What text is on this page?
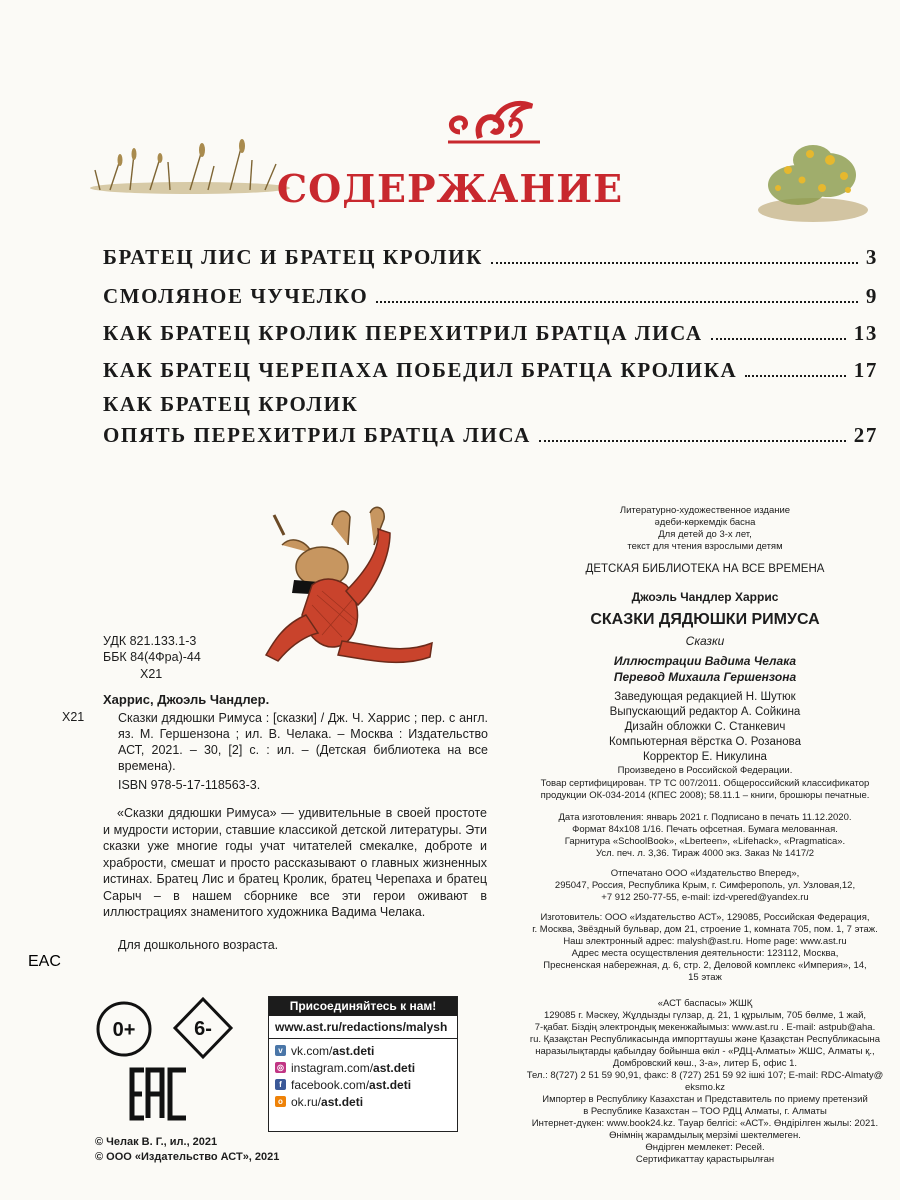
СОДЕРЖАНИЕ
БРАТЕЦ ЛИС И БРАТЕЦ КРОЛИК	3
СМОЛЯНОЕ ЧУЧЕЛКО	9
КАК БРАТЕЦ КРОЛИК ПЕРЕХИТРИЛ БРАТЦА ЛИСА	13
КАК БРАТЕЦ ЧЕРЕПАХА ПОБЕДИЛ БРАТЦА КРОЛИКА	17
КАК БРАТЕЦ КРОЛИК
ОПЯТЬ ПЕРЕХИТРИЛ БРАТЦА ЛИСА	27
УДК 821.133.1-3
ББК 84(4Фра)-44
Х21
Харрис, Джоэль Чандлер.
Х21	Сказки дядюшки Римуса : [сказки] / Дж. Ч. Харрис ; пер. с англ. яз. М. Гершензона ; ил. В. Челака. – Москва : Издательство АСТ, 2021. – 30, [2] с. : ил. – (Детская библиотека на все времена).
ISBN 978-5-17-118563-3.
«Сказки дядюшки Римуса» — удивительные в своей простоте и мудрости истории, ставшие классикой детской литературы. Эти сказки уже многие годы учат читателей смекалке, доброте и храбрости, смешат и просто рассказывают о главных жизненных истинах. Братец Лис и братец Кролик, братец Черепаха и братец Сарыч – в нашем сборнике все эти герои оживают в иллюстрациях знаменитого художника Вадима Челака.
Для дошкольного возраста.
0+	6-
EAC
Присоединяйтесь к нам!
www.ast.ru/redactions/malysh
v vk.com/ ast.deti
◎ instagram.com/ ast.deti
f facebook.com/ ast.deti
o ok.ru/ ast.deti
© Челак В. Г., ил., 2021
© ООО «Издательство АСТ», 2021
Литературно-художественное издание
әдеби-көркемдік басна
Для детей до 3-х лет,
текст для чтения взрослыми детям
ДЕТСКАЯ БИБЛИОТЕКА НА ВСЕ ВРЕМЕНА
Джоэль Чандлер Харрис
СКАЗКИ ДЯДЮШКИ РИМУСА
Сказки
Иллюстрации Вадима Челака
Перевод Михаила Гершензона
Заведующая редакцией Н. Шутюк
Выпускающий редактор А. Сойкина
Дизайн обложки С. Станкевич
Компьютерная вёрстка О. Розанова
Корректор Е. Никулина
Произведено в Российской Федерации.
Товар сертифицирован. ТР ТС 007/2011. Общероссийский классификатор
продукции ОК-034-2014 (КПЕС 2008); 58.11.1 – книги, брошюры печатные.
Дата изготовления: январь 2021 г. Подписано в печать 11.12.2020.
Формат 84x108 1/16. Печать офсетная. Бумага мелованная.
Гарнитура «SchoolBook», «Lberteen», «Lifehack», «Pragmatica».
Усл. печ. л. 3,36. Тираж 4000 экз. Заказ № 1417/2
Отпечатано ООО «Издательство Вперед»,
295047, Россия, Республика Крым, г. Симферополь, ул. Узловая,12,
+7 912 250-77-55, e-mail: izd-vpered@yandex.ru
Изготовитель: ООО «Издательство АСТ», 129085, Российская Федерация,
г. Москва, Звёздный бульвар, дом 21, строение 1, комната 705, пом. 1, 7 этаж.
Наш электронный адрес: malysh@ast.ru. Home page: www.ast.ru
Адрес места осуществления деятельности: 123112, Москва,
Пресненская набережная, д. 6, стр. 2, Деловой комплекс «Империя», 14,
15 этаж
«АСТ баспасы» ЖШҚ
129085 г. Мәскеу, Жұлдызды гүлзар, д. 21, 1 құрылым, 705 бөлме, 1 жай,
7-қабат. Біздің электрондық мекенжайымыз: www.ast.ru . E-mail: astpub@aha.
ru. Қазақстан Республикасында импорттаушы және Қазақстан Республикасына
наразылықтарды қабылдау бойынша өкіл - «РДЦ-Алматы» ЖШС, Алматы қ.,
Домбровский көш., 3-а», литер Б, офис 1.
Тел.: 8(727) 2 51 59 90,91, факс: 8 (727) 251 59 92 ішкі 107; E-mail: RDC-Almaty@
eksmo.kz
Импортер в Республику Казахстан и Представитель по приему претензий
в Республике Казахстан – ТОО РДЦ Алматы, г. Алматы
Интернет-дүкен: www.book24.kz. Тауар белгісі: «АСТ». Өндірілген жылы: 2021.
Өнімнің жарамдылық мерзімі шектелмеген.
Өндірген мемлекет: Ресей.
Сертификаттау қарастырылған
